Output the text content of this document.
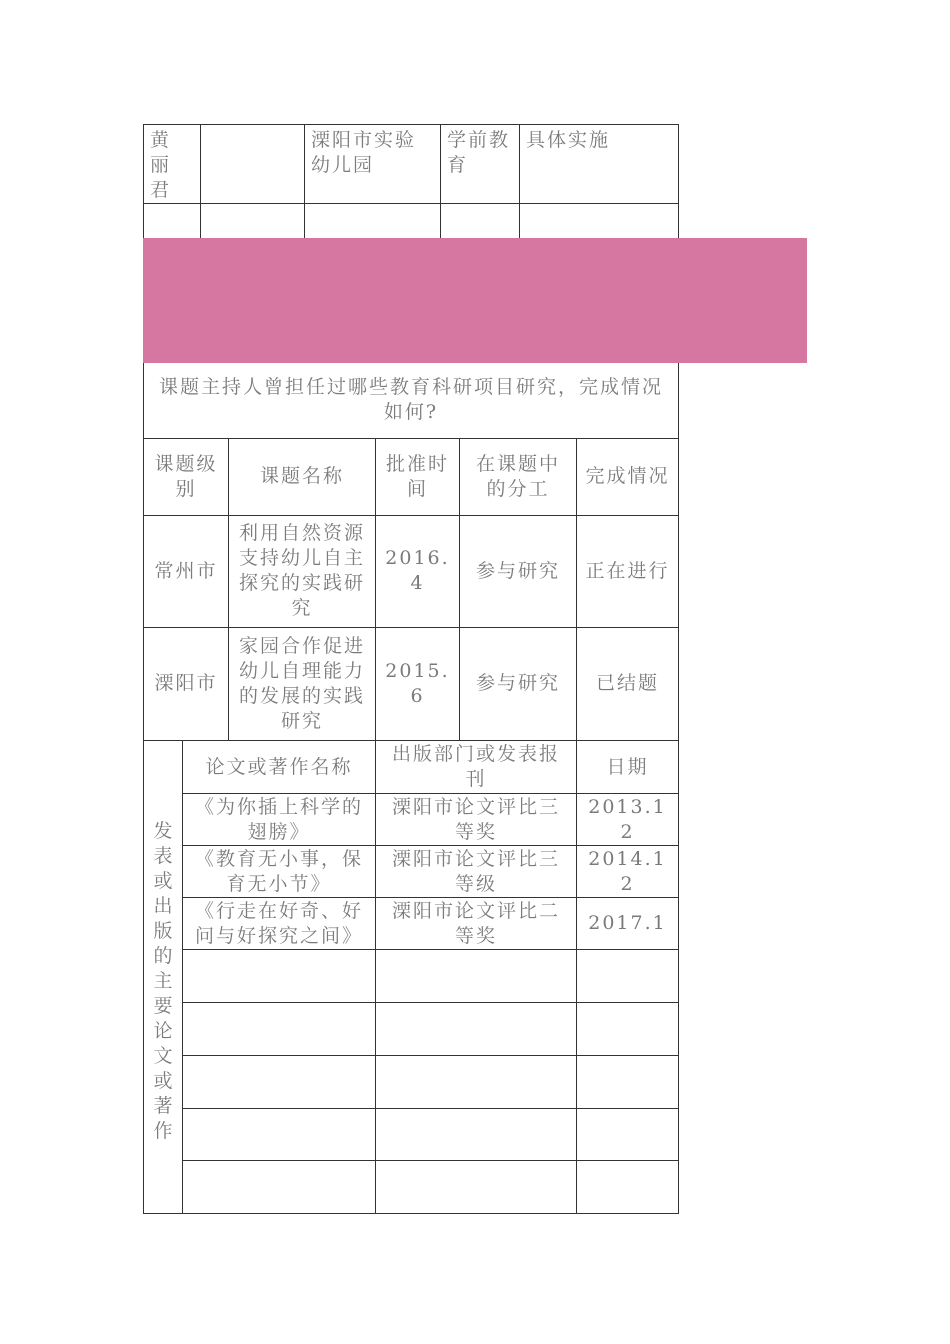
黄丽君		溧阳市实验幼儿园	学前教育	具体实施

课题主持人曾担任过哪些教育科研项目研究，完成情况如何?				
课题级别	课题名称	批准时间	在课题中的分工	完成情况
常州市	利用自然资源支持幼儿自主探究的实践研究	2016.4	参与研究	正在进行
溧阳市	家园合作促进幼儿自理能力的发展的实践研究	2015.6	参与研究	已结题
发表或出版的主要论文或著作	论文或著作名称	出版部门或发表报刊	日期
	《为你插上科学的翅膀》	溧阳市论文评比三等奖	2013.12
	《教育无小事，保育无小节》	溧阳市论文评比三等级	2014.12
	《行走在好奇、好问与好探究之间》	溧阳市论文评比二等奖	2017.1
